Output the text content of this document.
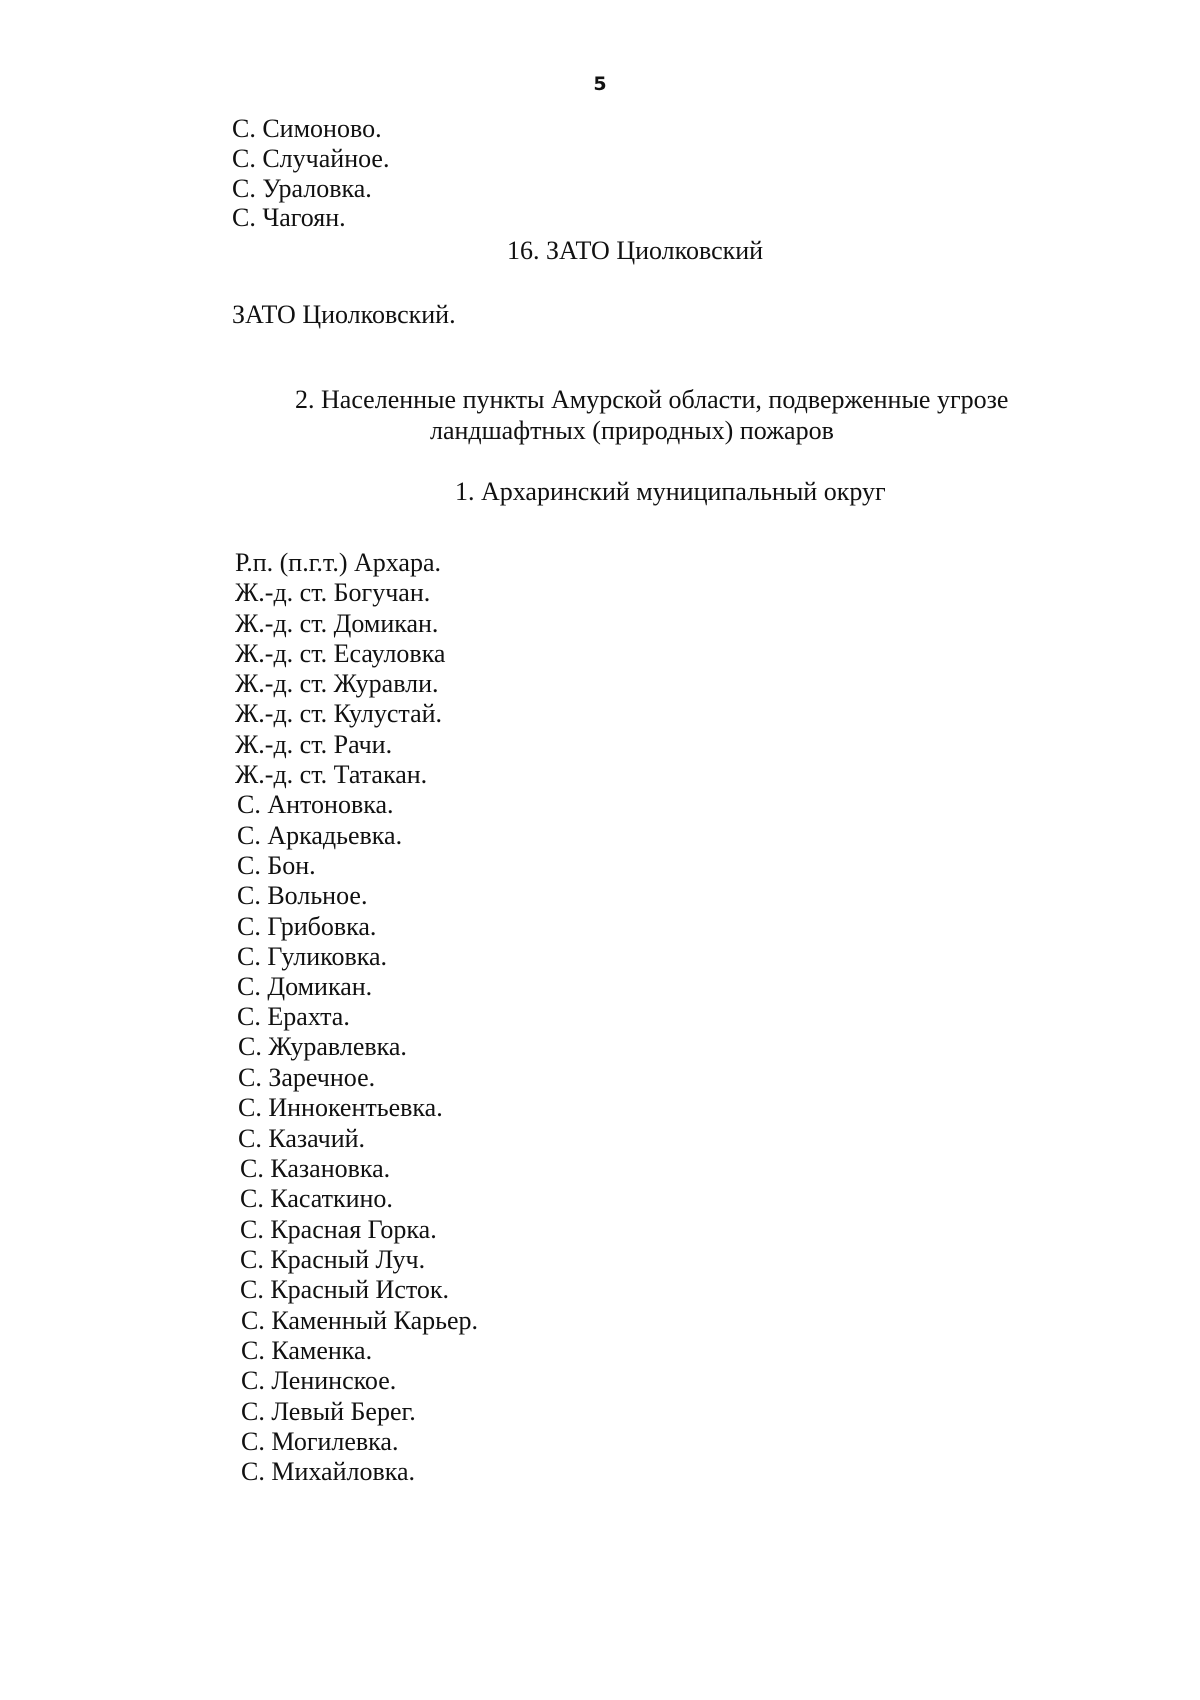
5
С. Симоново.
С. Случайное.
С. Ураловка.
С. Чагоян.
16. ЗАТО Циолковский
ЗАТО Циолковский.
2. Населенные пункты Амурской области, подверженные угрозе
ландшафтных (природных) пожаров
1. Архаринский муниципальный округ
Р.п. (п.г.т.) Архара.
Ж.-д. ст. Богучан.
Ж.-д. ст. Домикан.
Ж.-д. ст. Есауловка
Ж.-д. ст. Журавли.
Ж.-д. ст. Кулустай.
Ж.-д. ст. Рачи.
Ж.-д. ст. Татакан.
С. Антоновка.
С. Аркадьевка.
С. Бон.
С. Вольное.
С. Грибовка.
С. Гуликовка.
С. Домикан.
С. Ерахта.
С. Журавлевка.
С. Заречное.
С. Иннокентьевка.
С. Казачий.
С. Казановка.
С. Касаткино.
С. Красная Горка.
С. Красный Луч.
С. Красный Исток.
С. Каменный Карьер.
С. Каменка.
С. Ленинское.
С. Левый Берег.
С. Могилевка.
С. Михайловка.
